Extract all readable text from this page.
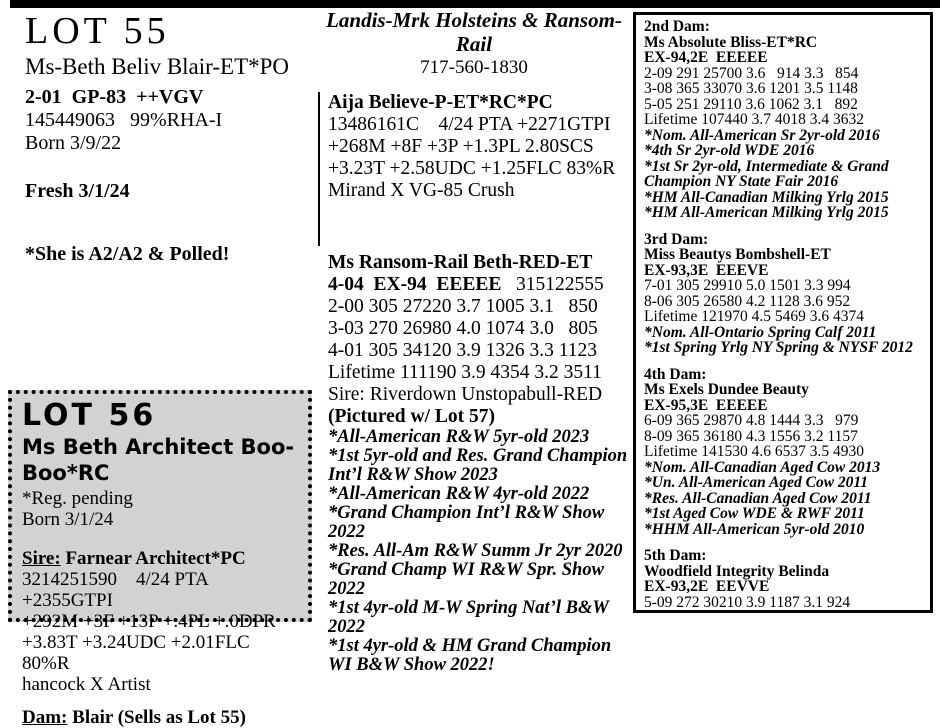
LOT 55
Ms-Beth Beliv Blair-ET*PO
2-01  GP-83  ++VGV
145449063   99%RHA-I
Born 3/9/22
Fresh 3/1/24
*She is A2/A2 & Polled!
LOT 56
Ms Beth Architect Boo-Boo*RC
*Reg. pending
Born 3/1/24
Sire: Farnear Architect*PC
3214251590    4/24 PTA +2355GTPI
+292M +3F +13P +.4PL +.0DPR
+3.83T +3.24UDC +2.01FLC 80%R
hancock X Artist
Dam: Blair (Sells as Lot 55)
Landis-Mrk Holsteins & Ransom-Rail
717-560-1830
Aija Believe-P-ET*RC*PC
13486161C    4/24 PTA +2271GTPI
+268M +8F +3P +1.3PL 2.80SCS
+3.23T +2.58UDC +1.25FLC 83%R
Mirand X VG-85 Crush
Ms Ransom-Rail Beth-RED-ET
4-04  EX-94  EEEEE   315122555
2-00 305 27220 3.7 1005 3.1   850
3-03 270 26980 4.0 1074 3.0   805
4-01 305 34120 3.9 1326 3.3 1123
Lifetime 111190 3.9 4354 3.2 3511
Sire: Riverdown Unstopabull-RED
(Pictured w/ Lot 57)
*All-American R&W 5yr-old 2023
*1st 5yr-old and Res. Grand Champion Int’l R&W Show 2023
*All-American R&W 4yr-old 2022
*Grand Champion Int’l R&W Show 2022
*Res. All-Am R&W Summ Jr 2yr 2020
*Grand Champ WI R&W Spr. Show 2022
*1st 4yr-old M-W Spring Nat’l B&W 2022
*1st 4yr-old & HM Grand Champion WI B&W Show 2022!
2nd Dam:
Ms Absolute Bliss-ET*RC
EX-94,2E  EEEEE
2-09 291 25700 3.6   914 3.3   854
3-08 365 33070 3.6 1201 3.5 1148
5-05 251 29110 3.6 1062 3.1   892
Lifetime 107440 3.7 4018 3.4 3632
*Nom. All-American Sr 2yr-old 2016
*4th Sr 2yr-old WDE 2016
*1st Sr 2yr-old, Intermediate & Grand Champion NY State Fair 2016
*HM All-Canadian Milking Yrlg 2015
*HM All-American Milking Yrlg 2015
3rd Dam:
Miss Beautys Bombshell-ET
EX-93,3E  EEEVE
7-01 305 29910 5.0 1501 3.3 994
8-06 305 26580 4.2 1128 3.6 952
Lifetime 121970 4.5 5469 3.6 4374
*Nom. All-Ontario Spring Calf 2011
*1st Spring Yrlg NY Spring & NYSF 2012
4th Dam:
Ms Exels Dundee Beauty
EX-95,3E  EEEEE
6-09 365 29870 4.8 1444 3.3   979
8-09 365 36180 4.3 1556 3.2 1157
Lifetime 141530 4.6 6537 3.5 4930
*Nom. All-Canadian Aged Cow 2013
*Un. All-American Aged Cow 2011
*Res. All-Canadian Aged Cow 2011
*1st Aged Cow WDE & RWF 2011
*HHM All-American 5yr-old 2010
5th Dam:
Woodfield Integrity Belinda
EX-93,2E  EEVVE
5-09 272 30210 3.9 1187 3.1 924
